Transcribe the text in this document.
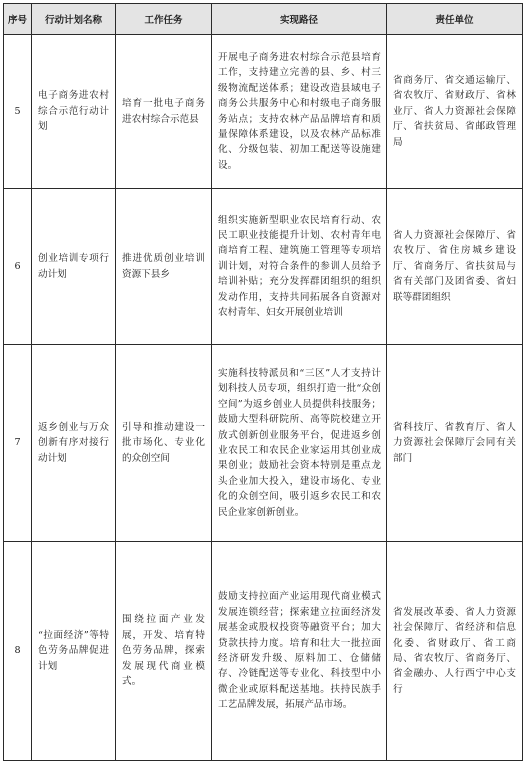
序号	行动计划名称	工作任务	实现路径	责任单位
5	电子商务进农村综合示范行动计划	培育一批电子商务进农村综合示范县	开展电子商务进农村综合示范县培育工作，支持建立完善的县、乡、村三级物流配送体系；建设改造县域电子商务公共服务中心和村级电子商务服务站点；支持农林产品品牌培育和质量保障体系建设，以及农林产品标准化、分级包装、初加工配送等设施建设。	省商务厅、省交通运输厅、省农牧厅、省财政厅、省林业厅、省人力资源社会保障厅、省扶贫局、省邮政管理局
6	创业培训专项行动计划	推进优质创业培训资源下县乡	组织实施新型职业农民培育行动、农民工职业技能提升计划、农村青年电商培育工程、建筑施工管理等专项培训计划，对符合条件的参训人员给予培训补贴；充分发挥群团组织的组织发动作用，支持共同拓展各自资源对农村青年、妇女开展创业培训	省人力资源社会保障厅、省农牧厅、省住房城乡建设厅、省商务厅、省扶贫局与省有关部门及团省委、省妇联等群团组织
7	返乡创业与万众创新有序对接行动计划	引导和推动建设一批市场化、专业化的众创空间	实施科技特派员和“三区”人才支持计划科技人员专项，组织打造一批“众创空间”为返乡创业人员提供科技服务；鼓励大型科研院所、高等院校建立开放式创新创业服务平台，促进返乡创业农民工和农民企业家运用其创业成果创业；鼓励社会资本特别是重点龙头企业加大投入，建设市场化、专业化的众创空间，吸引返乡农民工和农民企业家创新创业。	省科技厅、省教育厅、省人力资源社会保障厅会同有关部门
8	“拉面经济”等特色劳务品牌促进计划	围绕拉面产业发展，开发、培育特色劳务品牌，探索发展现代商业模式。	鼓励支持拉面产业运用现代商业模式发展连锁经营；探索建立拉面经济发展基金或股权投资等融资平台；加大贷款扶持力度。培育和壮大一批拉面经济研发升级、原料加工、仓储储存、冷链配送等专业化、科技型中小微企业或原料配送基地。扶持民族手工艺品牌发展，拓展产品市场。	省发展改革委、省人力资源社会保障厅、省经济和信息化委、省财政厅、省工商局、省农牧厅、省商务厅、省金融办、人行西宁中心支行
